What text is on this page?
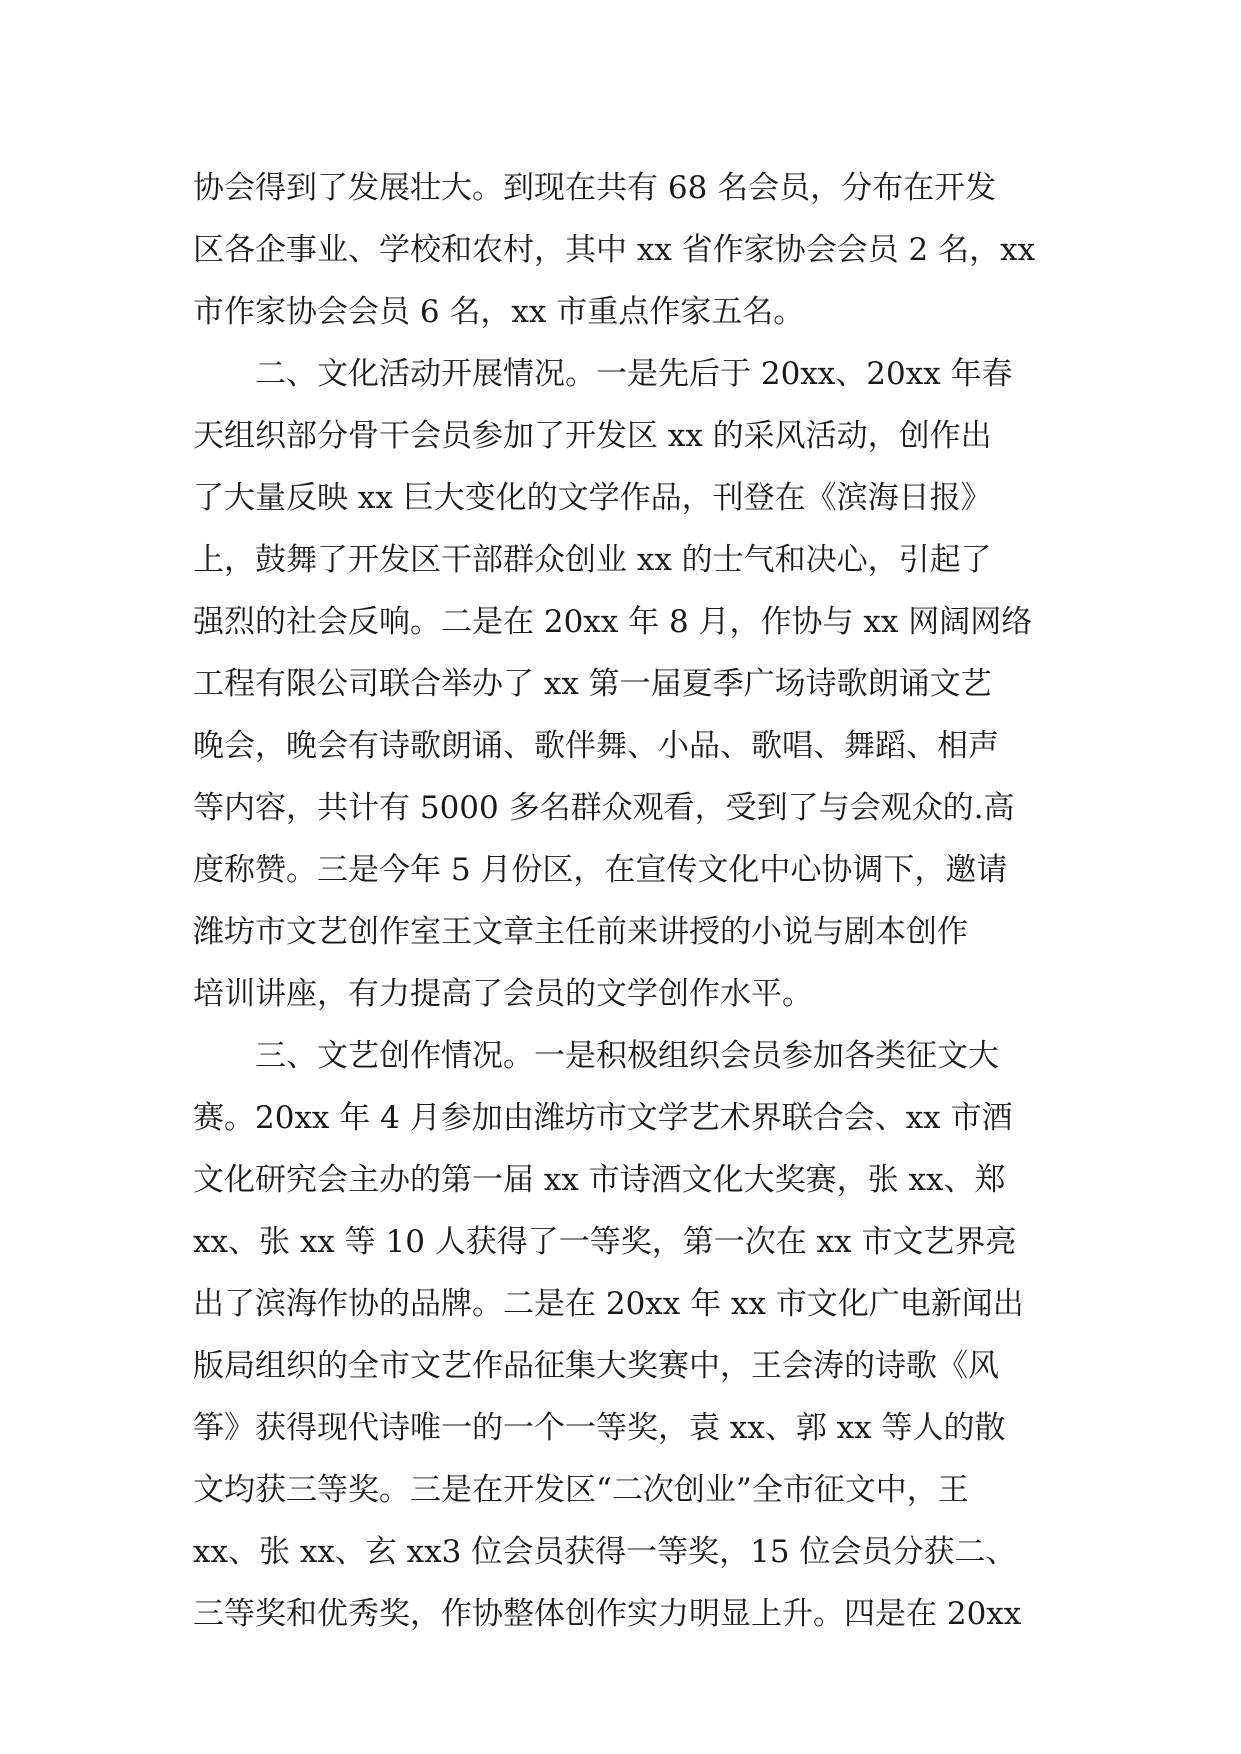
协会得到了发展壮大。到现在共有 68 名会员，分布在开发
区各企事业、学校和农村，其中 xx 省作家协会会员 2 名，xx
市作家协会会员 6 名，xx 市重点作家五名。
二、文化活动开展情况。一是先后于 20xx、20xx 年春
天组织部分骨干会员参加了开发区 xx 的采风活动，创作出
了大量反映 xx 巨大变化的文学作品，刊登在《滨海日报》
上，鼓舞了开发区干部群众创业 xx 的士气和决心，引起了
强烈的社会反响。二是在 20xx 年 8 月，作协与 xx 网阔网络
工程有限公司联合举办了 xx 第一届夏季广场诗歌朗诵文艺
晚会，晚会有诗歌朗诵、歌伴舞、小品、歌唱、舞蹈、相声
等内容，共计有 5000 多名群众观看，受到了与会观众的.高
度称赞。三是今年 5 月份区，在宣传文化中心协调下，邀请
潍坊市文艺创作室王文章主任前来讲授的小说与剧本创作
培训讲座，有力提高了会员的文学创作水平。
三、文艺创作情况。一是积极组织会员参加各类征文大
赛。20xx 年 4 月参加由潍坊市文学艺术界联合会、xx 市酒
文化研究会主办的第一届 xx 市诗酒文化大奖赛，张 xx、郑
xx、张 xx 等 10 人获得了一等奖，第一次在 xx 市文艺界亮
出了滨海作协的品牌。二是在 20xx 年 xx 市文化广电新闻出
版局组织的全市文艺作品征集大奖赛中，王会涛的诗歌《风
筝》获得现代诗唯一的一个一等奖，袁 xx、郭 xx 等人的散
文均获三等奖。三是在开发区“二次创业”全市征文中，王
xx、张 xx、玄 xx3 位会员获得一等奖，15 位会员分获二、
三等奖和优秀奖，作协整体创作实力明显上升。四是在 20xx
